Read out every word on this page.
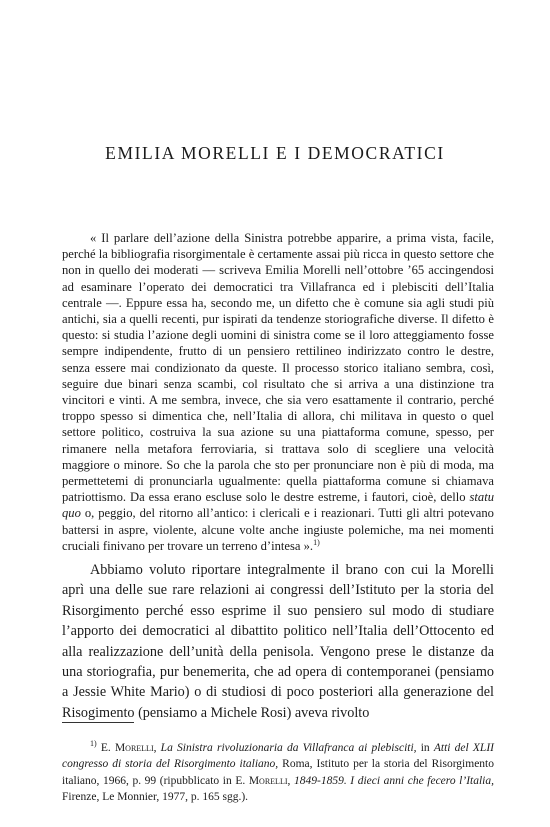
EMILIA MORELLI E I DEMOCRATICI

« Il parlare dell’azione della Sinistra potrebbe apparire, a prima vista, facile, perché la bibliografia risorgimentale è certamente assai più ricca in questo settore che non in quello dei moderati — scriveva Emilia Morelli nell’ottobre ’65 accingendosi ad esaminare l’operato dei democratici tra Villafranca ed i plebisciti dell’Italia centrale —. Eppure essa ha, secondo me, un difetto che è comune sia agli studi più antichi, sia a quelli recenti, pur ispirati da tendenze storiografiche diverse. Il difetto è questo: si studia l’azione degli uomini di sinistra come se il loro atteggiamento fosse sempre indipendente, frutto di un pensiero rettilineo indirizzato contro le destre, senza essere mai condizionato da queste. Il processo storico italiano sembra, così, seguire due binari senza scambi, col risultato che si arriva a una distinzione tra vincitori e vinti. A me sembra, invece, che sia vero esattamente il contrario, perché troppo spesso si dimentica che, nell’Italia di allora, chi militava in questo o quel settore politico, costruiva la sua azione su una piattaforma comune, spesso, per rimanere nella metafora ferroviaria, si trattava solo di scegliere una velocità maggiore o minore. So che la parola che sto per pronunciare non è più di moda, ma permettetemi di pronunciarla ugualmente: quella piattaforma comune si chiamava patriottismo. Da essa erano escluse solo le destre estreme, i fautori, cioè, dello statu quo o, peggio, del ritorno all’antico: i clericali e i reazionari. Tutti gli altri potevano battersi in aspre, violente, alcune volte anche ingiuste polemiche, ma nei momenti cruciali finivano per trovare un terreno d’intesa ».$^{1)}$

Abbiamo voluto riportare integralmente il brano con cui la Morelli aprì una delle sue rare relazioni ai congressi dell’Istituto per la storia del Risorgimento perché esso esprime il suo pensiero sul modo di studiare l’apporto dei democratici al dibattito politico nell’Italia dell’Ottocento ed alla realizzazione dell’unità della penisola. Vengono prese le distanze da una storiografia, pur benemerita, che ad opera di contemporanei (pensiamo a Jessie White Mario) o di studiosi di poco posteriori alla generazione del Risogimento (pensiamo a Michele Rosi) aveva rivolto

$^{1)}$ E. Morelli, La Sinistra rivoluzionaria da Villafranca ai plebisciti, in Atti del XLII congresso di storia del Risorgimento italiano, Roma, Istituto per la storia del Risorgimento italiano, 1966, p. 99 (ripubblicato in E. Morelli, 1849-1859. I dieci anni che fecero l’Italia, Firenze, Le Monnier, 1977, p. 165 sgg.).
